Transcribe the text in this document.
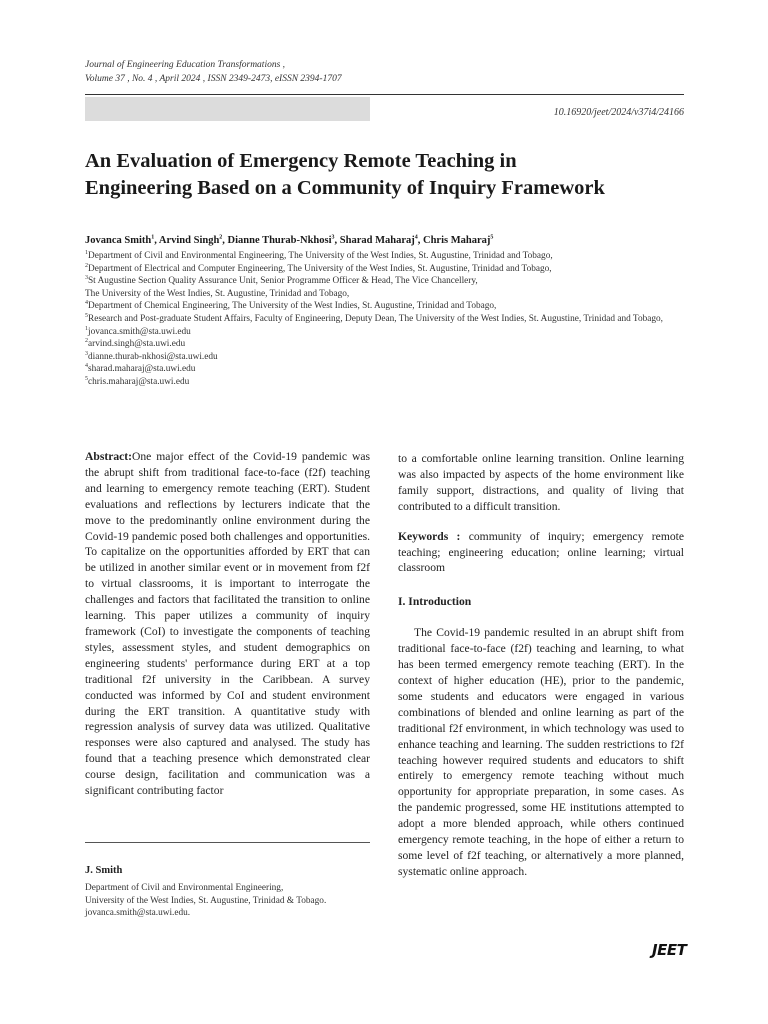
Journal of Engineering Education Transformations ,
Volume 37 , No. 4 , April 2024 , ISSN 2349-2473, eISSN 2394-1707
10.16920/jeet/2024/v37i4/24166
An Evaluation of Emergency Remote Teaching in
Engineering Based on a Community of Inquiry Framework
Jovanca Smith$^1$, Arvind Singh$^2$, Dianne Thurab-Nkhosi$^3$, Sharad Maharaj$^4$, Chris Maharaj$^5$
$^1$Department of Civil and Environmental Engineering, The University of the West Indies, St. Augustine, Trinidad and Tobago,
$^2$Department of Electrical and Computer Engineering, The University of the West Indies, St. Augustine, Trinidad and Tobago,
$^3$St Augustine Section Quality Assurance Unit, Senior Programme Officer & Head, The Vice Chancellery,
The University of the West Indies, St. Augustine, Trinidad and Tobago,
$^4$Department of Chemical Engineering, The University of the West Indies, St. Augustine, Trinidad and Tobago,
$^5$Research and Post-graduate Student Affairs, Faculty of Engineering, Deputy Dean, The University of the West Indies, St. Augustine, Trinidad and Tobago,
$^1$jovanca.smith@sta.uwi.edu
$^2$arvind.singh@sta.uwi.edu
$^3$dianne.thurab-nkhosi@sta.uwi.edu
$^4$sharad.maharaj@sta.uwi.edu
$^5$chris.maharaj@sta.uwi.edu

Abstract:One major effect of the Covid-19 pandemic was the abrupt shift from traditional face-to-face (f2f) teaching and learning to emergency remote teaching (ERT). Student evaluations and reflections by lecturers indicate that the move to the predominantly online environment during the Covid-19 pandemic posed both challenges and opportunities. To capitalize on the opportunities afforded by ERT that can be utilized in another similar event or in movement from f2f to virtual classrooms, it is important to interrogate the challenges and factors that facilitated the transition to online learning. This paper utilizes a community of inquiry framework (CoI) to investigate the components of teaching styles, assessment styles, and student demographics on engineering students' performance during ERT at a top traditional f2f university in the Caribbean. A survey conducted was informed by CoI and student environment during the ERT transition. A quantitative study with regression analysis of survey data was utilized. Qualitative responses were also captured and analysed. The study has found that a teaching presence which demonstrated clear course design, facilitation and communication was a significant contributing factor

J. Smith
Department of Civil and Environmental Engineering,
University of the West Indies, St. Augustine, Trinidad & Tobago.
jovanca.smith@sta.uwi.edu.

to a comfortable online learning transition. Online learning was also impacted by aspects of the home environment like family support, distractions, and quality of living that contributed to a difficult transition.

Keywords : community of inquiry; emergency remote teaching; engineering education; online learning; virtual classroom

I. Introduction

The Covid-19 pandemic resulted in an abrupt shift from traditional face-to-face (f2f) teaching and learning, to what has been termed emergency remote teaching (ERT). In the context of higher education (HE), prior to the pandemic, some students and educators were engaged in various combinations of blended and online learning as part of the traditional f2f environment, in which technology was used to enhance teaching and learning. The sudden restrictions to f2f teaching however required students and educators to shift entirely to emergency remote teaching without much opportunity for appropriate preparation, in some cases. As the pandemic progressed, some HE institutions attempted to adopt a more blended approach, while others continued emergency remote teaching, in the hope of either a return to some level of f2f teaching, or alternatively a more planned, systematic online approach.

JEET
